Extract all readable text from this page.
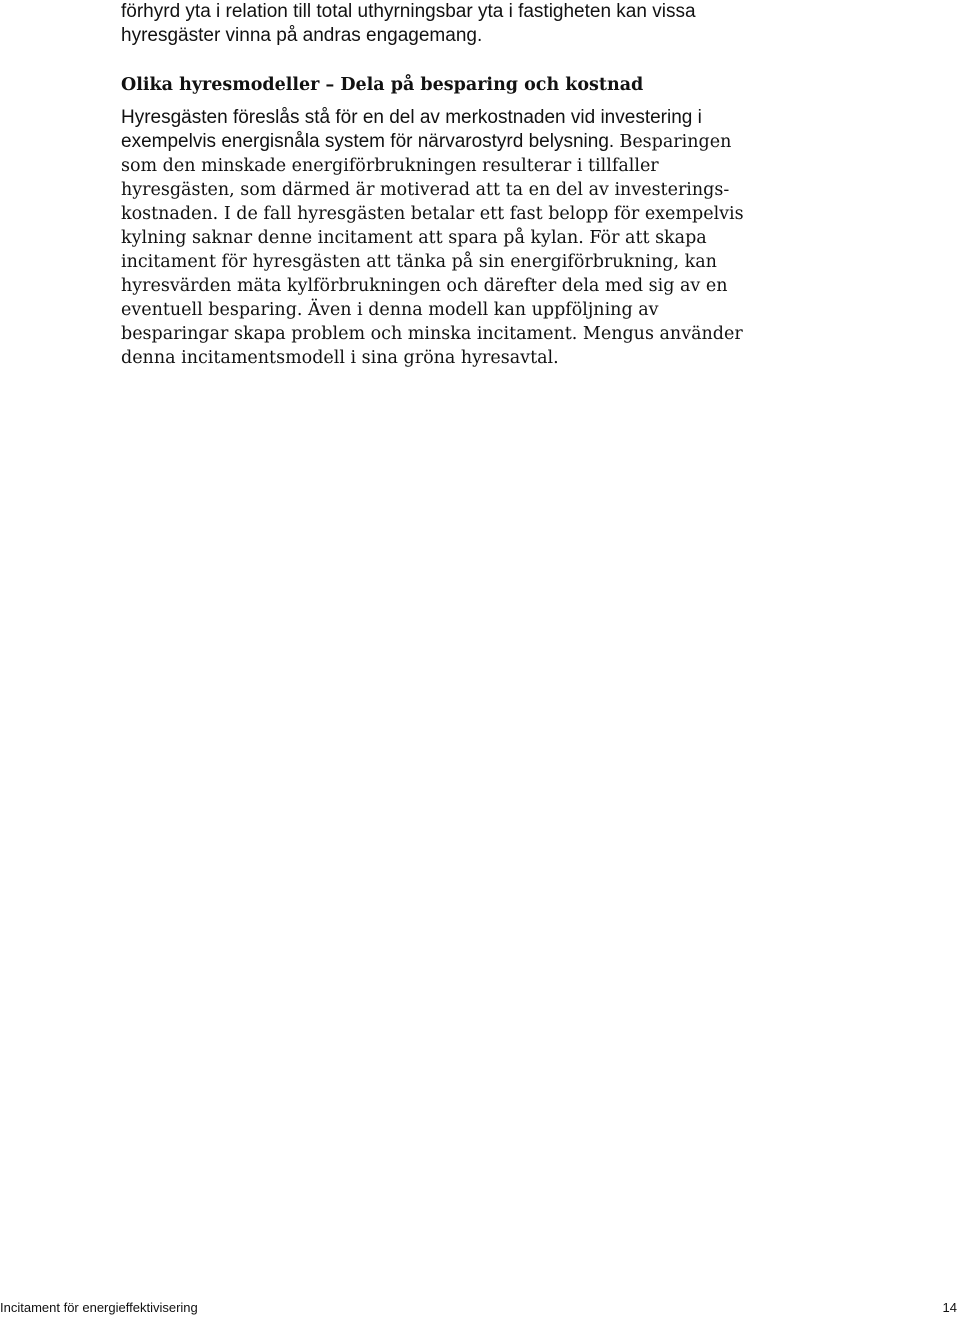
förhyrd yta i relation till total uthyrningsbar yta i fastigheten kan vissa
hyresgäster vinna på andras engagemang.
Olika hyresmodeller – Dela på besparing och kostnad
Hyresgästen föreslås stå för en del av merkostnaden vid investering i
exempelvis energisnåla system för närvarostyrd belysning. Besparingen
som den minskade energiförbrukningen resulterar i tillfaller
hyresgästen, som därmed är motiverad att ta en del av investerings-
kostnaden. I de fall hyresgästen betalar ett fast belopp för exempelvis
kylning saknar denne incitament att spara på kylan. För att skapa
incitament för hyresgästen att tänka på sin energiförbrukning, kan
hyresvärden mäta kylförbrukningen och därefter dela med sig av en
eventuell besparing. Även i denna modell kan uppföljning av
besparingar skapa problem och minska incitament. Mengus använder
denna incitamentsmodell i sina gröna hyresavtal.
Incitament för energieffektivisering	14
